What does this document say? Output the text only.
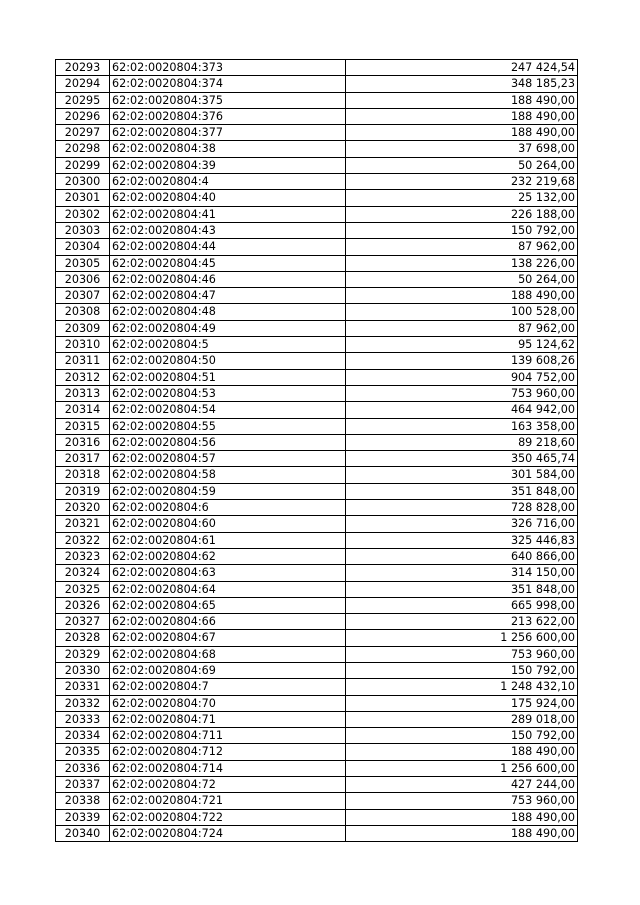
20293	62:02:0020804:373	247 424,54
20294	62:02:0020804:374	348 185,23
20295	62:02:0020804:375	188 490,00
20296	62:02:0020804:376	188 490,00
20297	62:02:0020804:377	188 490,00
20298	62:02:0020804:38	37 698,00
20299	62:02:0020804:39	50 264,00
20300	62:02:0020804:4	232 219,68
20301	62:02:0020804:40	25 132,00
20302	62:02:0020804:41	226 188,00
20303	62:02:0020804:43	150 792,00
20304	62:02:0020804:44	87 962,00
20305	62:02:0020804:45	138 226,00
20306	62:02:0020804:46	50 264,00
20307	62:02:0020804:47	188 490,00
20308	62:02:0020804:48	100 528,00
20309	62:02:0020804:49	87 962,00
20310	62:02:0020804:5	95 124,62
20311	62:02:0020804:50	139 608,26
20312	62:02:0020804:51	904 752,00
20313	62:02:0020804:53	753 960,00
20314	62:02:0020804:54	464 942,00
20315	62:02:0020804:55	163 358,00
20316	62:02:0020804:56	89 218,60
20317	62:02:0020804:57	350 465,74
20318	62:02:0020804:58	301 584,00
20319	62:02:0020804:59	351 848,00
20320	62:02:0020804:6	728 828,00
20321	62:02:0020804:60	326 716,00
20322	62:02:0020804:61	325 446,83
20323	62:02:0020804:62	640 866,00
20324	62:02:0020804:63	314 150,00
20325	62:02:0020804:64	351 848,00
20326	62:02:0020804:65	665 998,00
20327	62:02:0020804:66	213 622,00
20328	62:02:0020804:67	1 256 600,00
20329	62:02:0020804:68	753 960,00
20330	62:02:0020804:69	150 792,00
20331	62:02:0020804:7	1 248 432,10
20332	62:02:0020804:70	175 924,00
20333	62:02:0020804:71	289 018,00
20334	62:02:0020804:711	150 792,00
20335	62:02:0020804:712	188 490,00
20336	62:02:0020804:714	1 256 600,00
20337	62:02:0020804:72	427 244,00
20338	62:02:0020804:721	753 960,00
20339	62:02:0020804:722	188 490,00
20340	62:02:0020804:724	188 490,00
